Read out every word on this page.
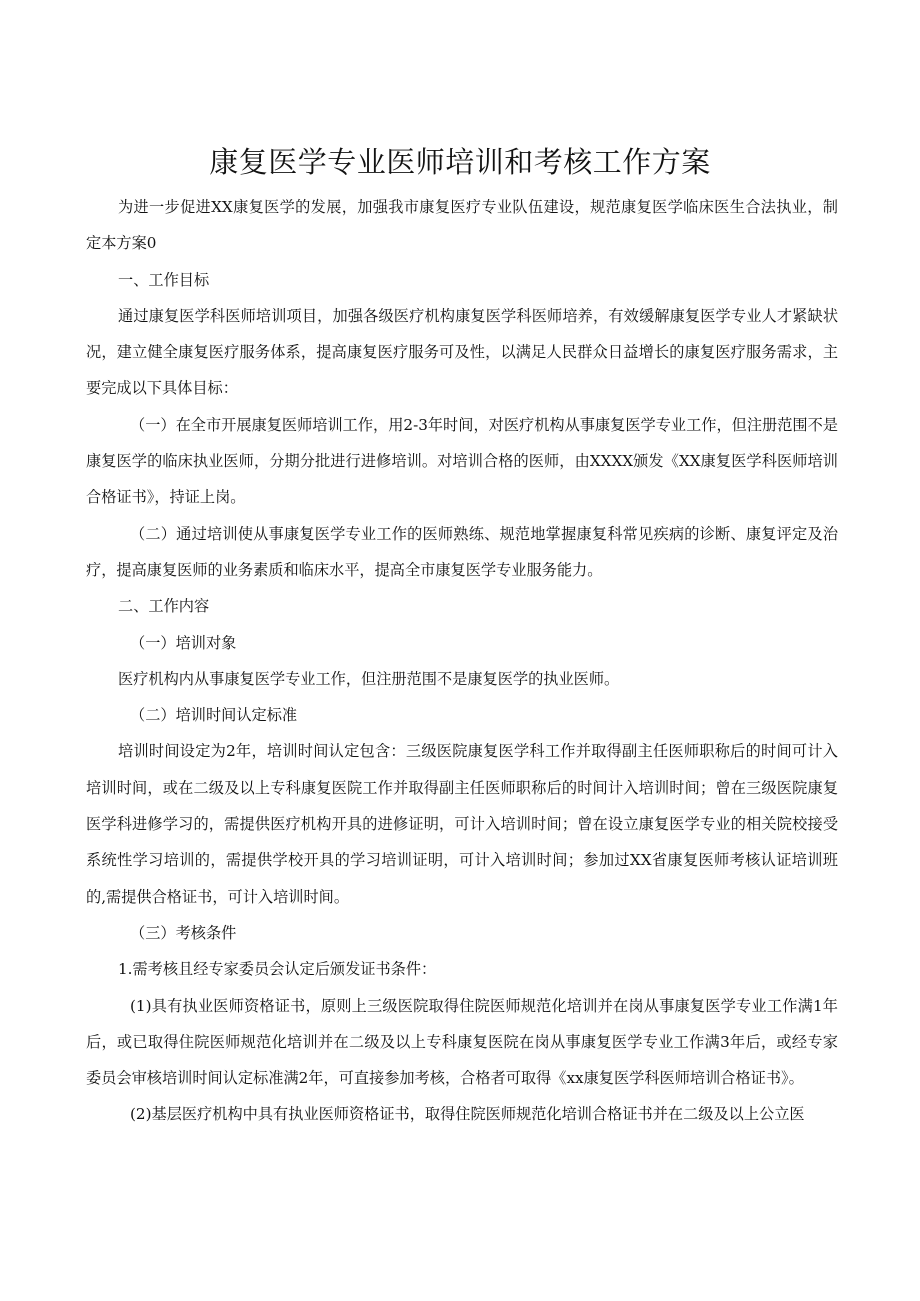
康复医学专业医师培训和考核工作方案

为进一步促进XX康复医学的发展，加强我市康复医疗专业队伍建设，规范康复医学临床医生合法执业，制定本方案0

一、工作目标

通过康复医学科医师培训项目，加强各级医疗机构康复医学科医师培养，有效缓解康复医学专业人才紧缺状况，建立健全康复医疗服务体系，提高康复医疗服务可及性，以满足人民群众日益增长的康复医疗服务需求，主要完成以下具体目标：

（一）在全市开展康复医师培训工作，用2-3年时间，对医疗机构从事康复医学专业工作，但注册范围不是康复医学的临床执业医师，分期分批进行进修培训。对培训合格的医师，由XXXX颁发《XX康复医学科医师培训合格证书》，持证上岗。

（二）通过培训使从事康复医学专业工作的医师熟练、规范地掌握康复科常见疾病的诊断、康复评定及治疗，提高康复医师的业务素质和临床水平，提高全市康复医学专业服务能力。

二、工作内容

（一）培训对象

医疗机构内从事康复医学专业工作，但注册范围不是康复医学的执业医师。

（二）培训时间认定标准

培训时间设定为2年，培训时间认定包含：三级医院康复医学科工作并取得副主任医师职称后的时间可计入培训时间，或在二级及以上专科康复医院工作并取得副主任医师职称后的时间计入培训时间；曾在三级医院康复医学科进修学习的，需提供医疗机构开具的进修证明，可计入培训时间；曾在设立康复医学专业的相关院校接受系统性学习培训的，需提供学校开具的学习培训证明，可计入培训时间；参加过XX省康复医师考核认证培训班的,需提供合格证书，可计入培训时间。

（三）考核条件

1.需考核且经专家委员会认定后颁发证书条件：

(1)具有执业医师资格证书，原则上三级医院取得住院医师规范化培训并在岗从事康复医学专业工作满1年后，或已取得住院医师规范化培训并在二级及以上专科康复医院在岗从事康复医学专业工作满3年后，或经专家委员会审核培训时间认定标准满2年，可直接参加考核，合格者可取得《xx康复医学科医师培训合格证书》。

(2)基层医疗机构中具有执业医师资格证书，取得住院医师规范化培训合格证书并在二级及以上公立医
